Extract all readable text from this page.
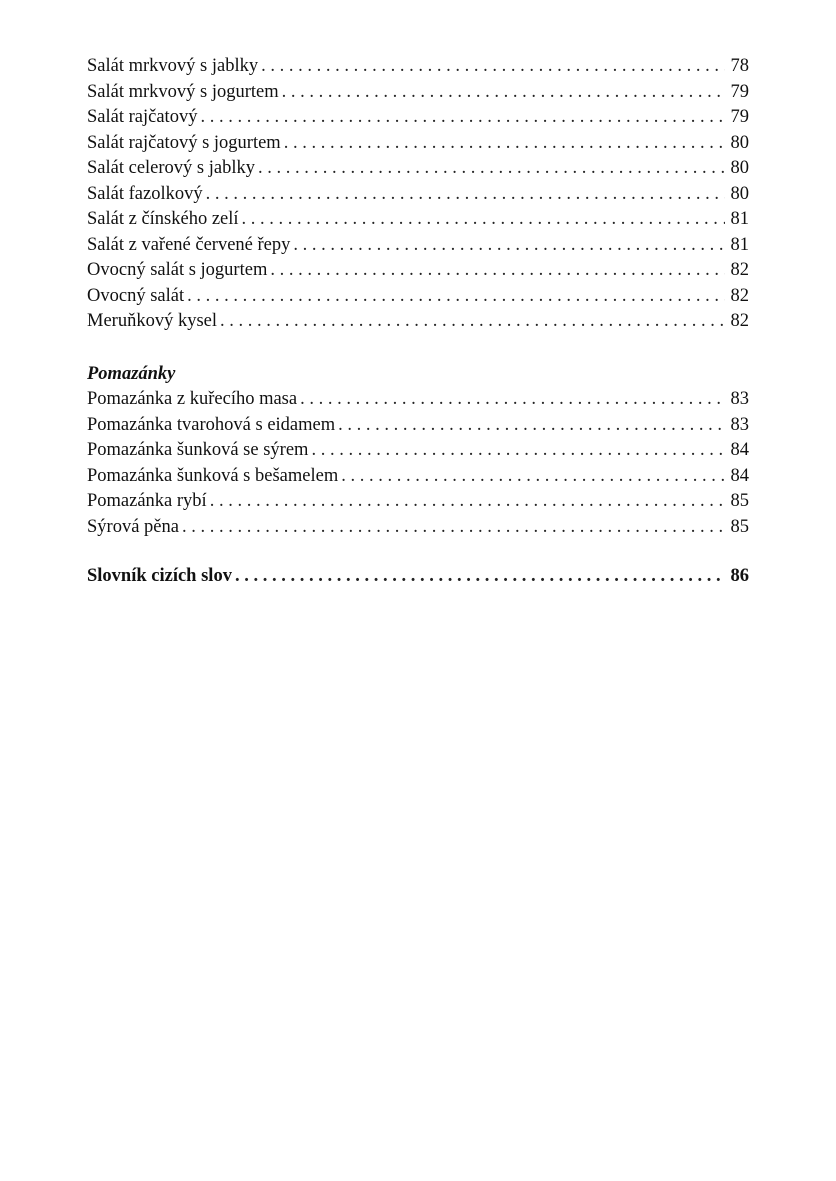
Salát mrkvový s jablky . . .	78
Salát mrkvový s jogurtem . . .	79
Salát rajčatový . . .	79
Salát rajčatový s jogurtem . . .	80
Salát celerový s jablky . . .	80
Salát fazolkový . . .	80
Salát z čínského zelí . . .	81
Salát z vařené červené řepy . . .	81
Ovocný salát s jogurtem . . .	82
Ovocný salát . . .	82
Meruňkový kysel . . .	82
Pomazánky
Pomazánka z kuřecího masa . . .	83
Pomazánka tvarohová s eidamem . . .	83
Pomazánka šunková se sýrem . . .	84
Pomazánka šunková s bešamelem . . .	84
Pomazánka rybí . . .	85
Sýrová pěna . . .	85
Slovník cizích slov . . .	86
